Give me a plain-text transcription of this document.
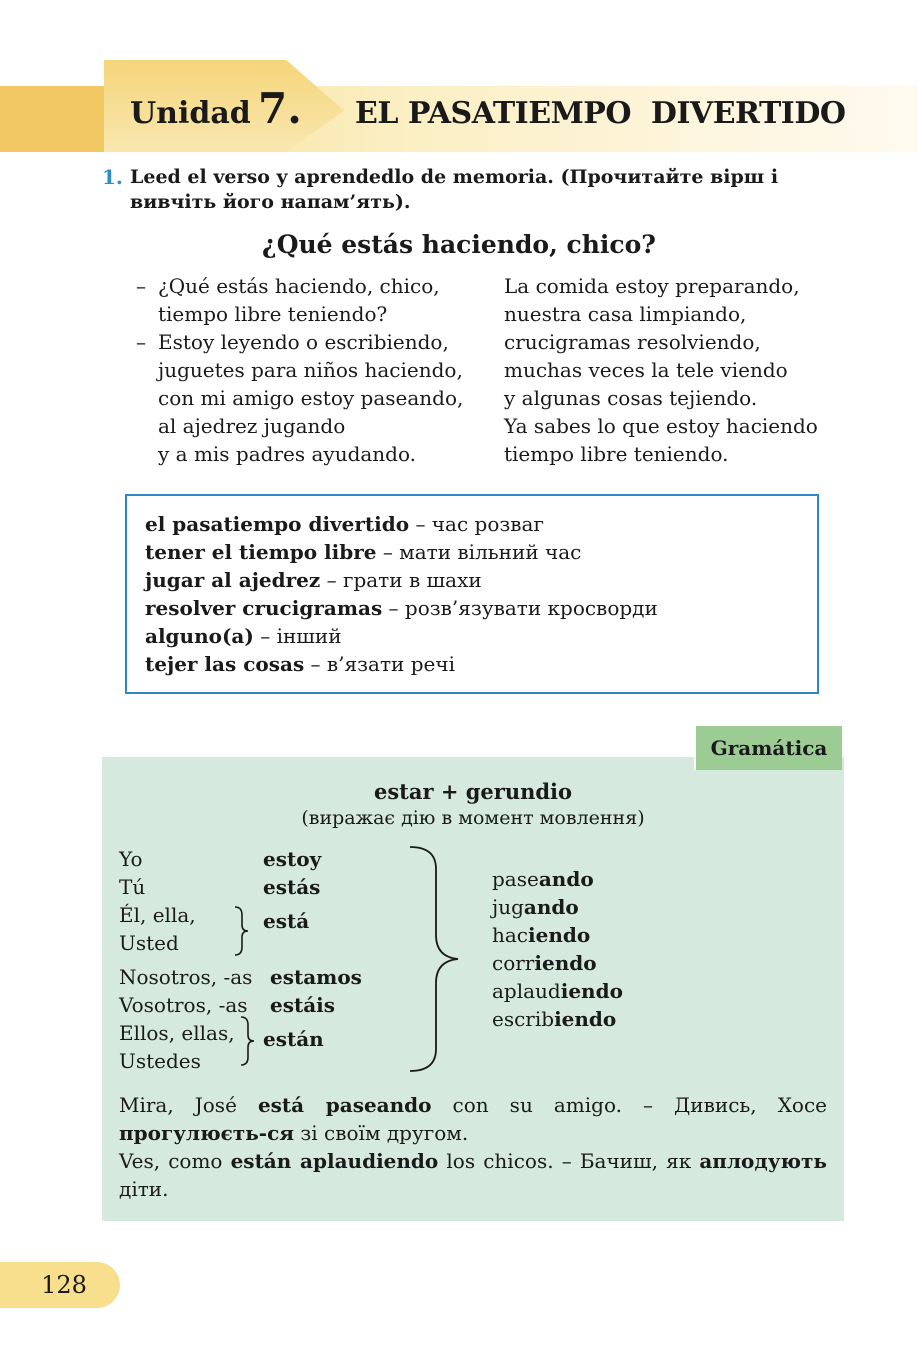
Unidad 7. EL PASATIEMPO  DIVERTIDO
1. Leed el verso y aprendedlo de memoria. (Прочитайте вірш і вивчіть його напам’ять).
¿Qué estás haciendo, chico?
– ¿Qué estás haciendo, chico,
tiempo libre teniendo?
– Estoy leyendo o escribiendo,
juguetes para niños haciendo,
con mi amigo estoy paseando,
al ajedrez jugando
y a mis padres ayudando.
La comida estoy preparando,
nuestra casa limpiando,
crucigramas resolviendo,
muchas veces la tele viendo
y algunas cosas tejiendo.
Ya sabes lo que estoy haciendo
tiempo libre teniendo.
el pasatiempo divertido – час розваг
tener el tiempo libre – мати вільний час
jugar al ajedrez – грати в шахи
resolver crucigramas – розв’язувати кросворди
alguno(a) – інший
tejer las cosas – в’язати речі
estar + gerundio
(виражає дію в момент мовлення)
Yo
Tú
Él, ella,
Usted
Nosotros, -as
Vosotros, -as
Ellos, ellas,
Ustedes
estoy
estás
está
estamos
estáis
están
paseando
jugando
haciendo
corriendo
aplaudiendo
escribiendo

Mira, José está paseando con su amigo. – Дивись, Хосе прогулюєть-ся зі своїм другом.

Ves, como están aplaudiendo los chicos. – Бачиш, як аплодують діти.

Gramática
128
